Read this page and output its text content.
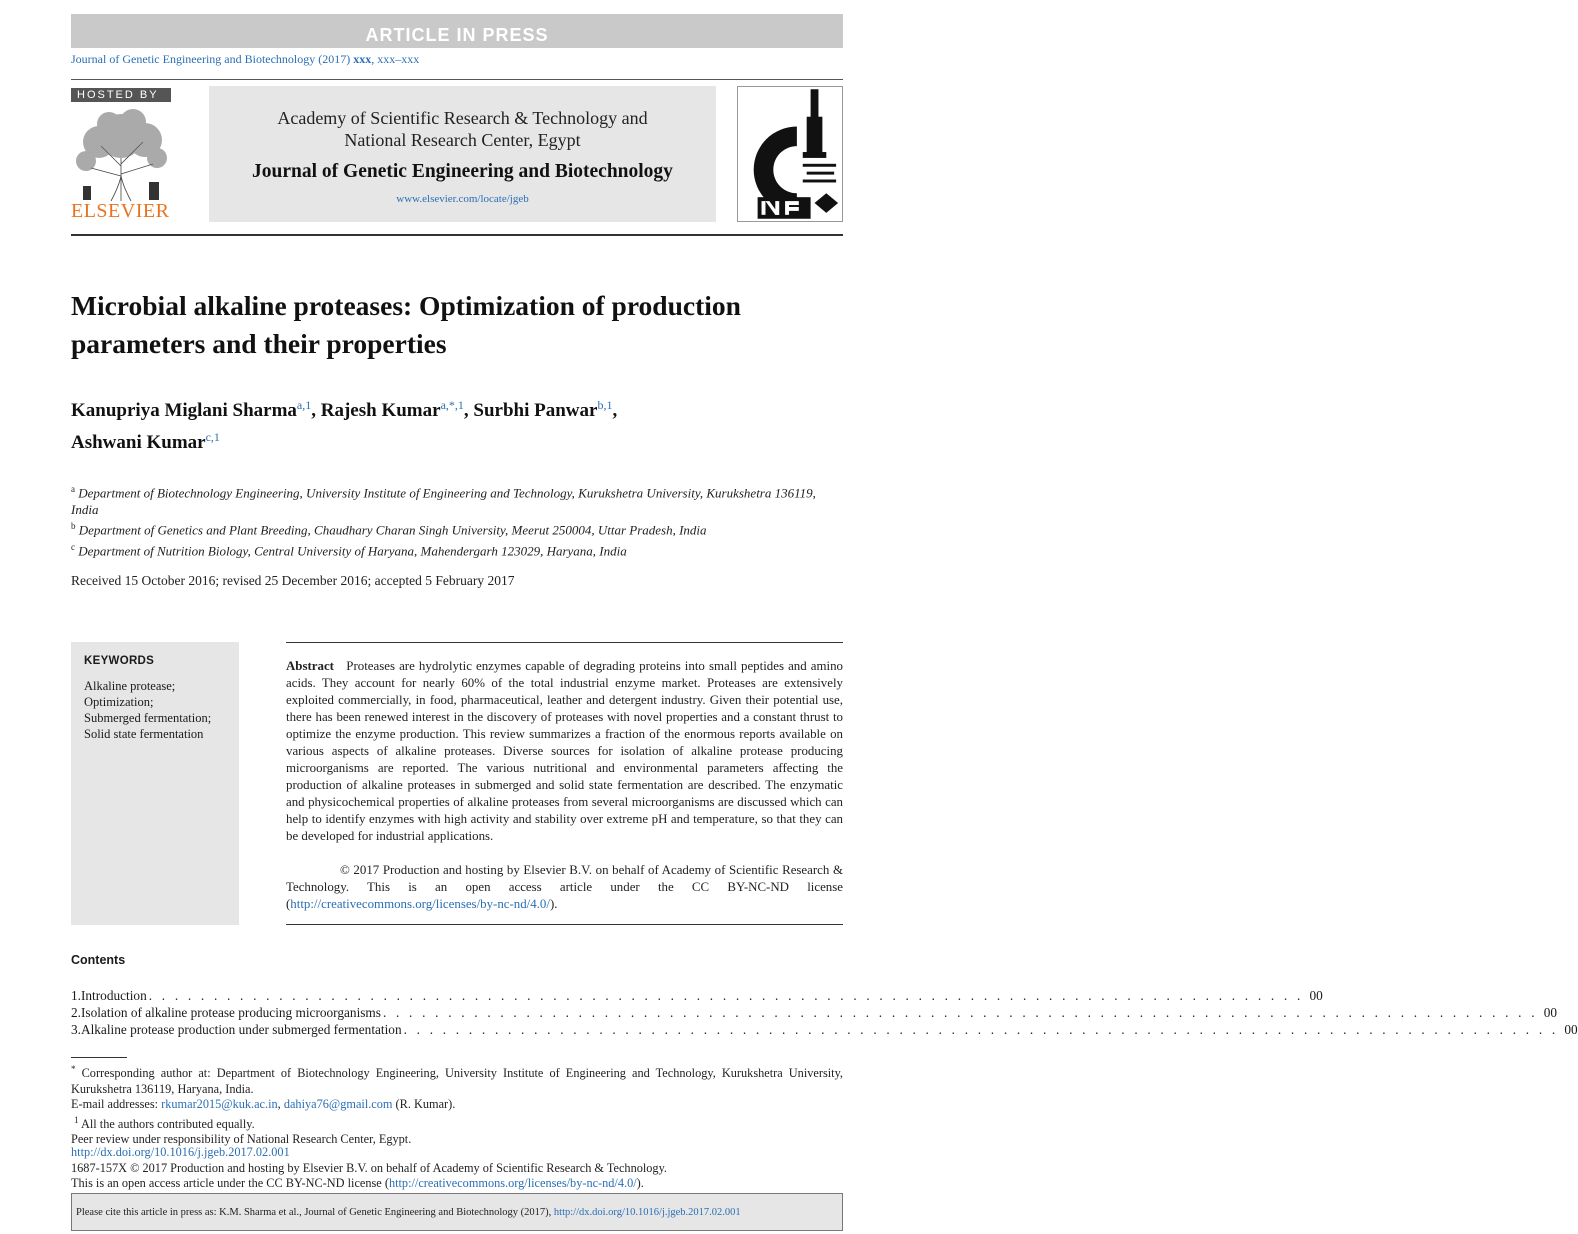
ARTICLE IN PRESS
Journal of Genetic Engineering and Biotechnology (2017) xxx, xxx–xxx
HOSTED BY
ELSEVIER
Academy of Scientific Research & Technology and National Research Center, Egypt
Journal of Genetic Engineering and Biotechnology
www.elsevier.com/locate/jgeb
Microbial alkaline proteases: Optimization of production parameters and their properties
Kanupriya Miglani Sharma$^{a,1}$, Rajesh Kumar$^{a,*,1}$, Surbhi Panwar$^{b,1}$,
Ashwani Kumar$^{c,1}$
$^a$ Department of Biotechnology Engineering, University Institute of Engineering and Technology, Kurukshetra University, Kurukshetra 136119, India
$^b$ Department of Genetics and Plant Breeding, Chaudhary Charan Singh University, Meerut 250004, Uttar Pradesh, India
$^c$ Department of Nutrition Biology, Central University of Haryana, Mahendergarh 123029, Haryana, India
Received 15 October 2016; revised 25 December 2016; accepted 5 February 2017
KEYWORDS
Alkaline protease;
Optimization;
Submerged fermentation;
Solid state fermentation
Abstract Proteases are hydrolytic enzymes capable of degrading proteins into small peptides and amino acids. They account for nearly 60% of the total industrial enzyme market. Proteases are extensively exploited commercially, in food, pharmaceutical, leather and detergent industry. Given their potential use, there has been renewed interest in the discovery of proteases with novel properties and a constant thrust to optimize the enzyme production. This review summarizes a fraction of the enormous reports available on various aspects of alkaline proteases. Diverse sources for isolation of alkaline protease producing microorganisms are reported. The various nutritional and environmental parameters affecting the production of alkaline proteases in submerged and solid state fermentation are described. The enzymatic and physicochemical properties of alkaline proteases from several microorganisms are discussed which can help to identify enzymes with high activity and stability over extreme pH and temperature, so that they can be developed for industrial applications.
© 2017 Production and hosting by Elsevier B.V. on behalf of Academy of Scientific Research & Technology. This is an open access article under the CC BY-NC-ND license (http://creativecommons.org/licenses/by-nc-nd/4.0/).
Contents
1. Introduction . . . . . . . . . . . . . . . . . . . . . . . . . . . . . . . . . . . . . . . . . . . . . . . . . . . . . . . . . . . . . . . . . . . . . . . . . . . . . . . . . . . . . . . . . 00
2. Isolation of alkaline protease producing microorganisms . . . . . . . . . . . . . . . . . . . . . . . . . . . . . . . . . . . . . . . . . . . . . . . . . . . . . . . . . . . . . . . . . . . . . . . . . . . . . . . . . . . . . . . . . 00
3. Alkaline protease production under submerged fermentation . . . . . . . . . . . . . . . . . . . . . . . . . . . . . . . . . . . . . . . . . . . . . . . . . . . . . . . . . . . . . . . . . . . . . . . . . . . . . . . . . . . . . . . . . 00
* Corresponding author at: Department of Biotechnology Engineering, University Institute of Engineering and Technology, Kurukshetra University, Kurukshetra 136119, Haryana, India.
E-mail addresses: rkumar2015@kuk.ac.in, dahiya76@gmail.com (R. Kumar).
$^1$ All the authors contributed equally.
Peer review under responsibility of National Research Center, Egypt.
http://dx.doi.org/10.1016/j.jgeb.2017.02.001
1687-157X © 2017 Production and hosting by Elsevier B.V. on behalf of Academy of Scientific Research & Technology.
This is an open access article under the CC BY-NC-ND license (http://creativecommons.org/licenses/by-nc-nd/4.0/).
Please cite this article in press as: K.M. Sharma et al., Journal of Genetic Engineering and Biotechnology (2017), http://dx.doi.org/10.1016/j.jgeb.2017.02.001
